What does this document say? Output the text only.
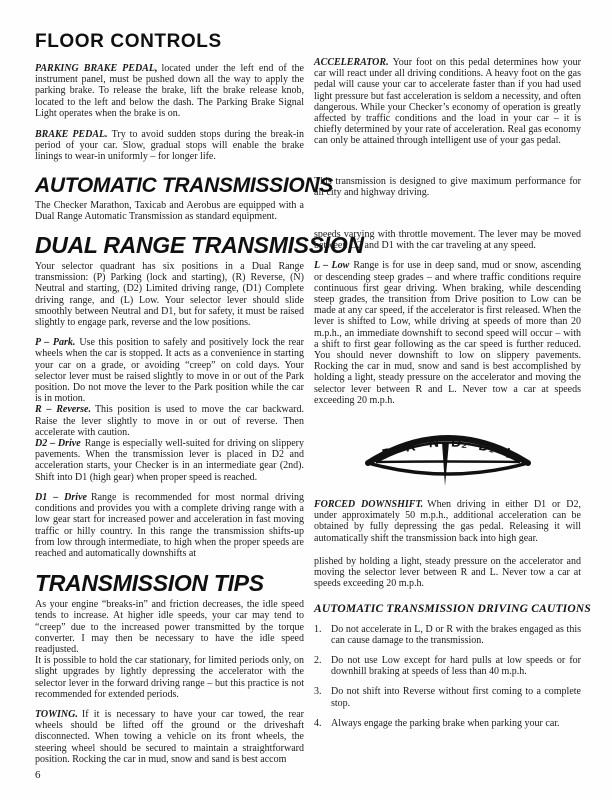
FLOOR CONTROLS

PARKING BRAKE PEDAL, located under the left end of the instrument panel, must be pushed down all the way to apply the parking brake. To release the brake, lift the brake release knob, located to the left and below the dash. The Parking Brake Signal Light operates when the brake is on.

BRAKE PEDAL. Try to avoid sudden stops during the break-in period of your car. Slow, gradual stops will enable the brake linings to wear-in uniformly – for longer life.

AUTOMATIC TRANSMISSIONS

The Checker Marathon, Taxicab and Aerobus are equipped with a Dual Range Automatic Transmission as standard equipment.

DUAL RANGE TRANSMISSION

Your selector quadrant has six positions in a Dual Range transmission: (P) Parking (lock and starting), (R) Reverse, (N) Neutral and starting, (D2) Limited driving range, (D1) Complete driving range, and (L) Low. Your selector lever should slide smoothly between Neutral and D1, but for safety, it must be raised slightly to engage park, reverse and the low positions.

P – Park. Use this position to safely and positively lock the rear wheels when the car is stopped. It acts as a convenience in starting your car on a grade, or avoiding “creep” on cold days. Your selector lever must be raised slightly to move in or out of the Park position. Do not move the lever to the Park position while the car is in motion.

R – Reverse. This position is used to move the car backward. Raise the lever slightly to move in or out of reverse. Then accelerate with caution.

D2 – Drive Range is especially well-suited for driving on slippery pavements. When the transmission lever is placed in D2 and acceleration starts, your Checker is in an intermediate gear (2nd). Shift into D1 (high gear) when proper speed is reached.

D1 – Drive Range is recommended for most normal driving conditions and provides you with a complete driving range with a low gear start for increased power and acceleration in fast moving traffic or hilly country. In this range the transmission shifts-up from low through intermediate, to high when the proper speeds are reached and automatically downshifts at

TRANSMISSION TIPS

As your engine “breaks-in” and friction decreases, the idle speed tends to increase. At higher idle speeds, your car may tend to “creep” due to the increased power transmitted by the torque converter. I may then be necessary to have the idle speed readjusted.

It is possible to hold the car stationary, for limited periods only, on slight upgrades by lightly depressing the accelerator with the selector lever in the forward driving range – but this practice is not recommended for extended periods.

TOWING. If it is necessary to have your car towed, the rear wheels should be lifted off the ground or the driveshaft disconnected. When towing a vehicle on its front wheels, the steering wheel should be secured to maintain a straightforward position. Rocking the car in mud, snow and sand is best accom

6

ACCELERATOR. Your foot on this pedal determines how your car will react under all driving conditions. A heavy foot on the gas pedal will cause your car to accelerate faster than if you had used light pressure but fast acceleration is seldom a necessity, and often dangerous. While your Checker’s economy of operation is greatly affected by traffic conditions and the load in your car – it is chiefly determined by your rate of acceleration. Real gas economy can only be attained through intelligent use of your gas pedal.

This transmission is designed to give maximum performance for all city and highway driving.

speeds varying with throttle movement. The lever may be moved between D2 and D1 with the car traveling at any speed.

L – Low Range is for use in deep sand, mud or snow, ascending or descending steep grades – and where traffic conditions require continuous first gear driving. When braking, while descending steep grades, the transition from Drive position to Low can be made at any car speed, if the accelerator is first released. When the lever is shifted to Low, while driving at speeds of more than 20 m.p.h., an immediate downshift to second speed will occur – with a shift to first gear following as the car speed is further reduced. You should never downshift to low on slippery pavements. Rocking the car in mud, snow and sand is best accomplished by holding a light, steady pressure on the accelerator and moving the selector lever between R and L. Never tow a car at speeds exceeding 20 m.p.h.

P R N D₂ D₁ L

FORCED DOWNSHIFT. When driving in either D1 or D2, under approximately 50 m.p.h., additional acceleration can be obtained by fully depressing the gas pedal. Releasing it will automatically shift the transmission back into high gear.

plished by holding a light, steady pressure on the accelerator and moving the selector lever between R and L. Never tow a car at speeds exceeding 20 m.p.h.

AUTOMATIC TRANSMISSION DRIVING CAUTIONS
1. Do not accelerate in L, D or R with the brakes engaged as this can cause damage to the transmission.
2. Do not use Low except for hard pulls at low speeds or for downhill braking at speeds of less than 40 m.p.h.
3. Do not shift into Reverse without first coming to a complete stop.
4. Always engage the parking brake when parking your car.
